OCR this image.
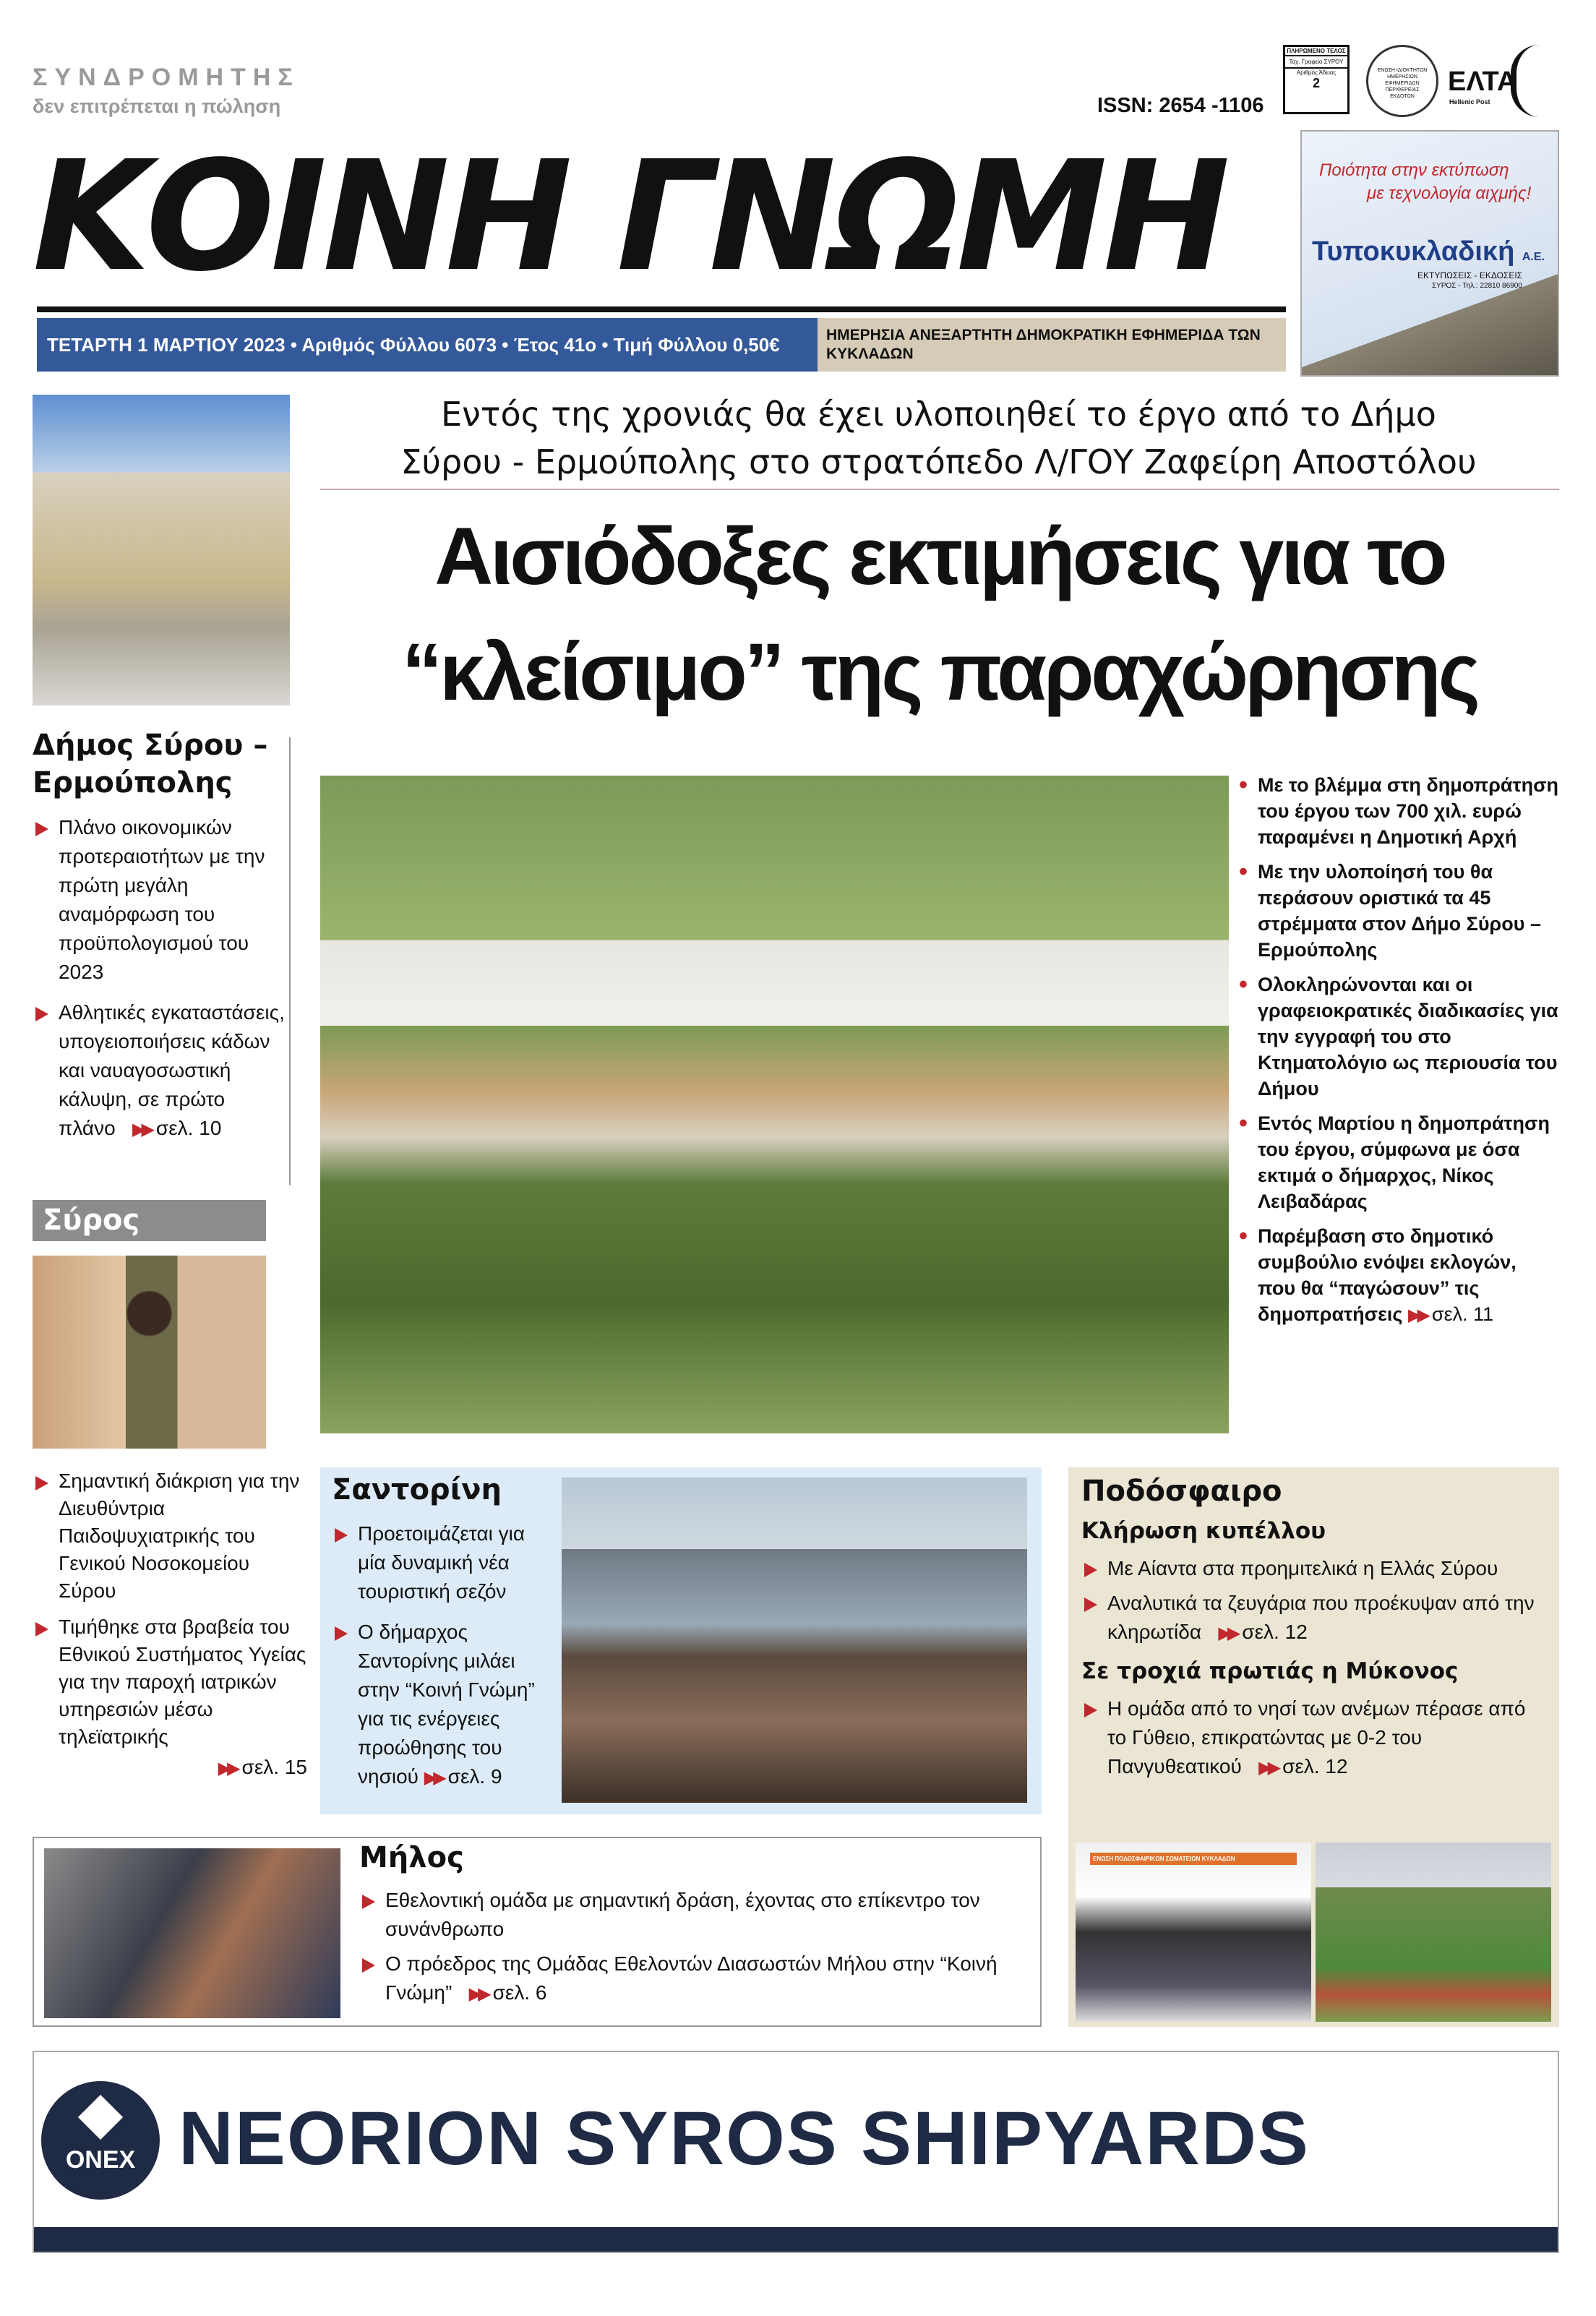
ΣΥΝΔΡΟΜΗΤΗΣ
δεν επιτρέπεται η πώληση	ISSN: 2654 -1106
ΠΛΗΡΩΜΕΝΟ ΤΕΛΟΣ
Ταχ. Γραφείο ΣΥΡΟΥ
Αριθμός Άδειας
2
ΕΝΩΣΗ ΙΔΙΟΚΤΗΤΩΝ ΗΜΕΡΗΣΙΩΝ ΕΦΗΜΕΡΙΔΩΝ ΠΕΡΙΦΕΡΕΙΑΣ ΕΚΔΟΤΩΝ	ΕΛΤΑ
Hellenic Post
ΚΟΙΝΗ ΓΝΩΜΗ
ΤΕΤΑΡΤΗ 1 ΜΑΡΤΙΟΥ 2023 • Αριθμός Φύλλου 6073 • Έτος 41ο • Τιμή Φύλλου 0,50€	ΗΜΕΡΗΣΙΑ ΑΝΕΞΑΡΤΗΤΗ ΔΗΜΟΚΡΑΤΙΚΗ ΕΦΗΜΕΡΙΔΑ ΤΩΝ ΚΥΚΛΑΔΩΝ
Ποιότητα στην εκτύπωση
με τεχνολογία αιχμής!
Τυποκυκλαδική Α.Ε.
ΕΚΤΥΠΩΣΕΙΣ - ΕΚΔΟΣΕΙΣ
ΣΥΡΟΣ - Τηλ.: 22810 86900
Δήμος Σύρου – Ερμούπολης
Πλάνο οικονομικών προτεραιοτήτων με την πρώτη μεγάλη αναμόρφωση του προϋπολογισμού του 2023
Αθλητικές εγκαταστάσεις, υπογειοποιήσεις κάδων και ναυαγοσωστική κάλυψη, σε πρώτο πλάνο ▶▶ σελ. 10
Σύρος
Σημαντική διάκριση για την Διευθύντρια Παιδοψυχιατρικής του Γενικού Νοσοκομείου Σύρου
Τιμήθηκε στα βραβεία του Εθνικού Συστήματος Υγείας για την παροχή ιατρικών υπηρεσιών μέσω τηλεϊατρικής
▶▶ σελ. 15
Εντός της χρονιάς θα έχει υλοποιηθεί το έργο από το Δήμο
Σύρου - Ερμούπολης στο στρατόπεδο Λ/ΓΟΥ Ζαφείρη Αποστόλου
Αισιόδοξες εκτιμήσεις για το
“κλείσιμο” της παραχώρησης
• Με το βλέμμα στη δημοπράτηση του έργου των 700 χιλ. ευρώ παραμένει η Δημοτική Αρχή
• Με την υλοποίησή του θα περάσουν οριστικά τα 45 στρέμματα στον Δήμο Σύρου – Ερμούπολης
• Ολοκληρώνονται και οι γραφειοκρατικές διαδικασίες για την εγγραφή του στο Κτηματολόγιο ως περιουσία του Δήμου
• Εντός Μαρτίου η δημοπράτηση του έργου, σύμφωνα με όσα εκτιμά ο δήμαρχος, Νίκος Λειβαδάρας
• Παρέμβαση στο δημοτικό συμβούλιο ενόψει εκλογών, που θα “παγώσουν” τις δημοπρατήσεις ▶▶ σελ. 11
Σαντορίνη
Προετοιμάζεται για μία δυναμική νέα τουριστική σεζόν
Ο δήμαρχος Σαντορίνης μιλάει στην “Κοινή Γνώμη” για τις ενέργειες προώθησης του νησιού ▶▶ σελ. 9
Ποδόσφαιρο
Κλήρωση κυπέλλου
Με Αίαντα στα προημιτελικά η Ελλάς Σύρου
Αναλυτικά τα ζευγάρια που προέκυψαν από την κληρωτίδα ▶▶ σελ. 12
Σε τροχιά πρωτιάς η Μύκονος
Η ομάδα από το νησί των ανέμων πέρασε από το Γύθειο, επικρατώντας με 0-2 του Πανγυθεατικού ▶▶ σελ. 12
ΕΝΩΣΗ ΠΟΔΟΣΦΑΙΡΙΚΩΝ ΣΩΜΑΤΕΙΩΝ ΚΥΚΛΑΔΩΝ
Μήλος
Εθελοντική ομάδα με σημαντική δράση, έχοντας στο επίκεντρο τον συνάνθρωπο
Ο πρόεδρος της Ομάδας Εθελοντών Διασωστών Μήλου στην “Κοινή Γνώμη” ▶▶ σελ. 6
ONEX NEORION SYROS SHIPYARDS
